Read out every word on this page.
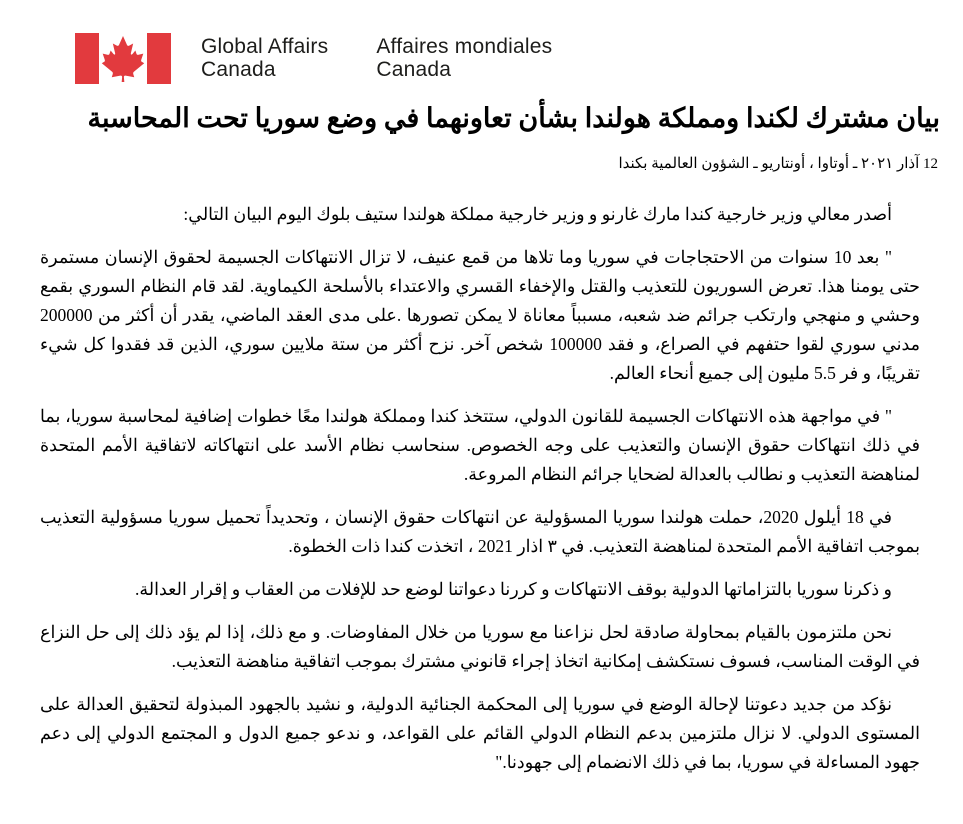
Global Affairs
Canada
Affaires mondiales
Canada
بيان مشترك لكندا ومملكة هولندا بشأن تعاونهما في وضع سوريا تحت المحاسبة
12 آذار ٢٠٢١ ـ أوتاوا ، أونتاريو ـ الشؤون العالمية بكندا

أصدر معالي وزير خارجية كندا مارك غارنو و وزير خارجية مملكة هولندا ستيف بلوك اليوم البيان التالي:

" بعد 10 سنوات من الاحتجاجات في سوريا وما تلاها من قمع عنيف، لا تزال الانتهاكات الجسيمة لحقوق الإنسان مستمرة حتى يومنا هذا. تعرض السوريون للتعذيب والقتل والإخفاء القسري والاعتداء بالأسلحة الكيماوية. لقد قام النظام السوري بقمع وحشي و منهجي وارتكب جرائم ضد شعبه، مسبباً معاناة لا يمكن تصورها .على مدى العقد الماضي، يقدر أن أكثر من 200000 مدني سوري لقوا حتفهم في الصراع، و فقد 100000 شخص آخر. نزح أكثر من ستة ملايين سوري، الذين قد فقدوا كل شيء تقريبًا، و فر 5.5 مليون إلى جميع أنحاء العالم.

" في مواجهة هذه الانتهاكات الجسيمة للقانون الدولي، ستتخذ كندا ومملكة هولندا معًا خطوات إضافية لمحاسبة سوريا، بما في ذلك انتهاكات حقوق الإنسان والتعذيب على وجه الخصوص. سنحاسب نظام الأسد على انتهاكاته لاتفاقية الأمم المتحدة لمناهضة التعذيب و نطالب بالعدالة لضحايا جرائم النظام المروعة.

في 18 أيلول 2020، حملت هولندا سوريا المسؤولية عن انتهاكات حقوق الإنسان ، وتحديداً تحميل سوريا مسؤولية التعذيب بموجب اتفاقية الأمم المتحدة لمناهضة التعذيب. في ٣ اذار 2021 ، اتخذت كندا ذات الخطوة.

و ذكرنا سوريا بالتزاماتها الدولية بوقف الانتهاكات و كررنا دعواتنا لوضع حد للإفلات من العقاب و إقرار العدالة.

نحن ملتزمون بالقيام بمحاولة صادقة لحل نزاعنا مع سوريا من خلال المفاوضات. و مع ذلك، إذا لم يؤد ذلك إلى حل النزاع في الوقت المناسب، فسوف نستكشف إمكانية اتخاذ إجراء قانوني مشترك بموجب اتفاقية مناهضة التعذيب.

نؤكد من جديد دعوتنا لإحالة الوضع في سوريا إلى المحكمة الجنائية الدولية، و نشيد بالجهود المبذولة لتحقيق العدالة على المستوى الدولي. لا نزال ملتزمين بدعم النظام الدولي القائم على القواعد، و ندعو جميع الدول و المجتمع الدولي إلى دعم جهود المساءلة في سوريا، بما في ذلك الانضمام إلى جهودنا."
